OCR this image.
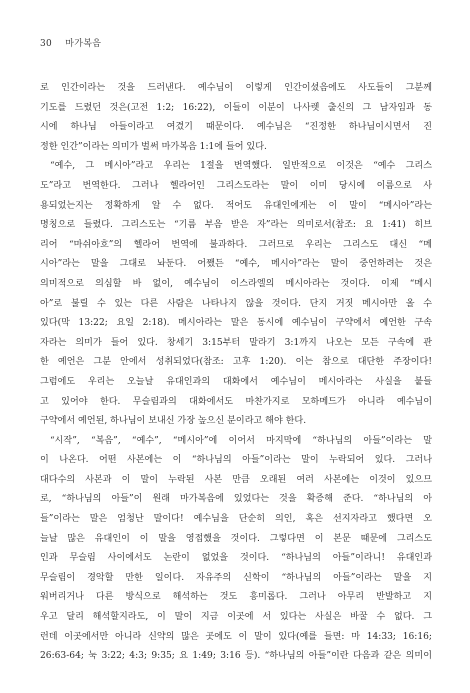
30 마가복음
로 인간이라는 것을 드러낸다. 예수님이 이렇게 인간이셨음에도 사도들이 그분께
기도를 드렸던 것은(고전 1:2; 16:22), 이들이 이분이 나사렛 출신의 그 남자임과 동
시에 하나님 아들이라고 여겼기 때문이다. 예수님은 “진정한 하나님이시면서 진
정한 인간”이라는 의미가 벌써 마가복음 1:1에 들어 있다.
“예수, 그 메시아”라고 우리는 1절을 번역했다. 일반적으로 이것은 “예수 그리스
도”라고 번역한다. 그러나 헬라어인 그리스도라는 말이 이미 당시에 이름으로 사
용되었는지는 정확하게 알 수 없다. 적어도 유대인에게는 이 말이 “메시아”라는
명칭으로 들렸다. 그리스도는 “기름 부음 받은 자”라는 의미로서(참조: 요 1:41) 히브
리어 “마쉬아흐”의 헬라어 번역에 불과하다. 그러므로 우리는 그리스도 대신 “메
시아”라는 말을 그대로 놔둔다. 어쨌든 “예수, 메시아”라는 말이 중언하려는 것은
의미적으로 의심할 바 없이, 예수님이 이스라엘의 메시아라는 것이다. 이제 “메시
아”로 불릴 수 있는 다른 사람은 나타나지 않을 것이다. 단지 거짓 메시아만 올 수
있다(막 13:22; 요일 2:18). 메시아라는 말은 동시에 예수님이 구약에서 예언한 구속
자라는 의미가 들어 있다. 창세기 3:15부터 말라기 3:1까지 나오는 모든 구속에 관
한 예언은 그분 안에서 성취되었다(참조: 고후 1:20). 이는 참으로 대단한 주장이다!
그럼에도 우리는 오늘날 유대인과의 대화에서 예수님이 메시아라는 사실을 붙들
고 있어야 한다. 무슬림과의 대화에서도 마찬가지로 모하메드가 아니라 예수님이
구약에서 예언된, 하나님이 보내신 가장 높으신 분이라고 해야 한다.
“시작”, “복음”, “예수”, “메시아”에 이어서 마지막에 “하나님의 아들”이라는 말
이 나온다. 어떤 사본에는 이 “하나님의 아들”이라는 말이 누락되어 있다. 그러나
대다수의 사본과 이 말이 누락된 사본 만큼 오래된 여러 사본에는 이것이 있으므
로, “하나님의 아들”이 원래 마가복음에 있었다는 것을 확증해 준다. “하나님의 아
들”이라는 말은 엄청난 말이다! 예수님을 단순히 의인, 혹은 선지자라고 했다면 오
늘날 많은 유대인이 이 말을 영접했을 것이다. 그렇다면 이 본문 때문에 그리스도
인과 무슬림 사이에서도 논란이 없었을 것이다. “하나님의 아들”이라니! 유대인과
무슬림이 경악할 만한 일이다. 자유주의 신학이 “하나님의 아들”이라는 말을 지
워버리거나 다른 방식으로 해석하는 것도 흥미롭다. 그러나 아무리 반발하고 지
우고 달리 해석할지라도, 이 말이 지금 이곳에 서 있다는 사실은 바꿀 수 없다. 그
런데 이곳에서만 아니라 신약의 많은 곳에도 이 말이 있다(예를 들면: 마 14:33; 16:16;
26:63-64; 눅 3:22; 4:3; 9:35; 요 1:49; 3:16 등). “하나님의 아들”이란 다음과 같은 의미이
